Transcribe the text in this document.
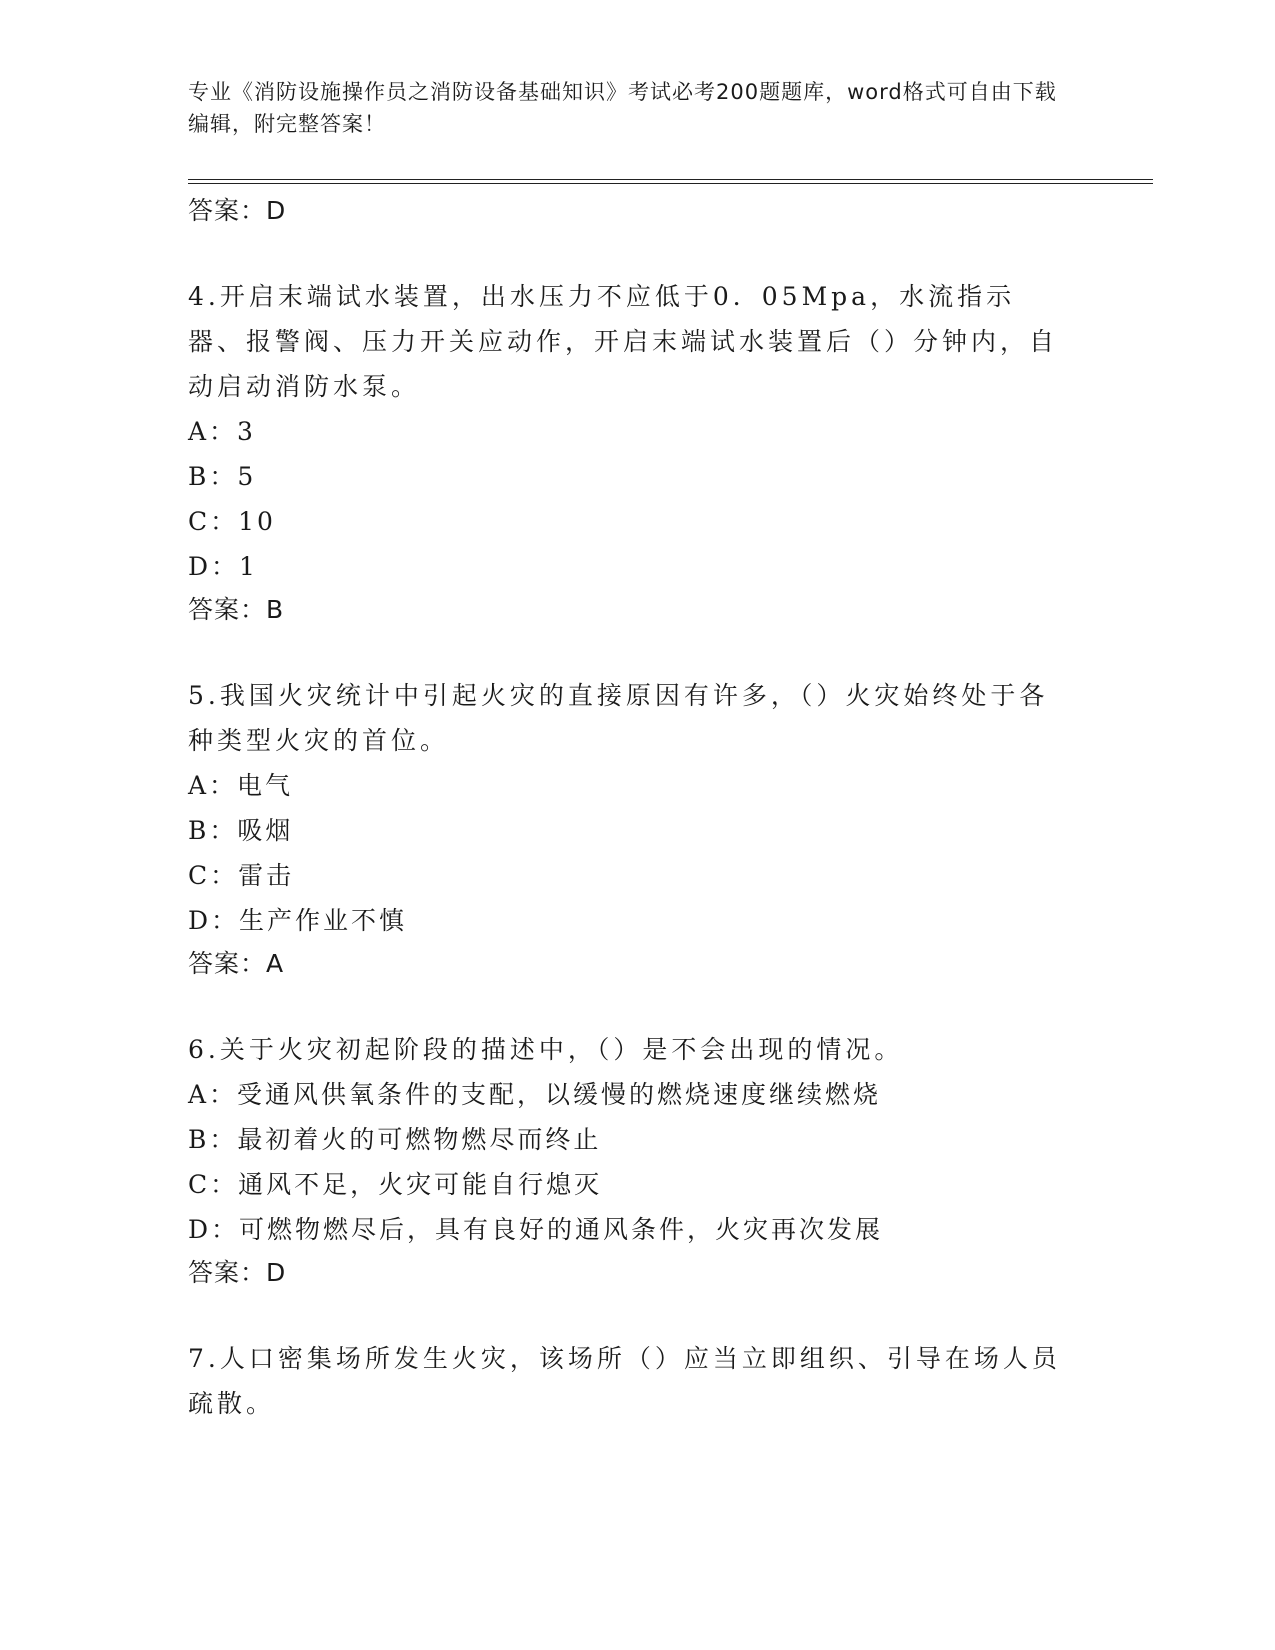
专业《消防设施操作员之消防设备基础知识》考试必考200题题库，word格式可自由下载编辑，附完整答案！

答案：D

4.开启末端试水装置，出水压力不应低于0．05Mpa，水流指示器、报警阀、压力开关应动作，开启末端试水装置后（）分钟内，自动启动消防水泵。

A：3

B：5

C：10

D：1

答案：B

5.我国火灾统计中引起火灾的直接原因有许多，（）火灾始终处于各种类型火灾的首位。

A：电气

B：吸烟

C：雷击

D：生产作业不慎

答案：A

6.关于火灾初起阶段的描述中，（）是不会出现的情况。

A：受通风供氧条件的支配，以缓慢的燃烧速度继续燃烧

B：最初着火的可燃物燃尽而终止

C：通风不足，火灾可能自行熄灭

D：可燃物燃尽后，具有良好的通风条件，火灾再次发展

答案：D

7.人口密集场所发生火灾，该场所（）应当立即组织、引导在场人员疏散。
